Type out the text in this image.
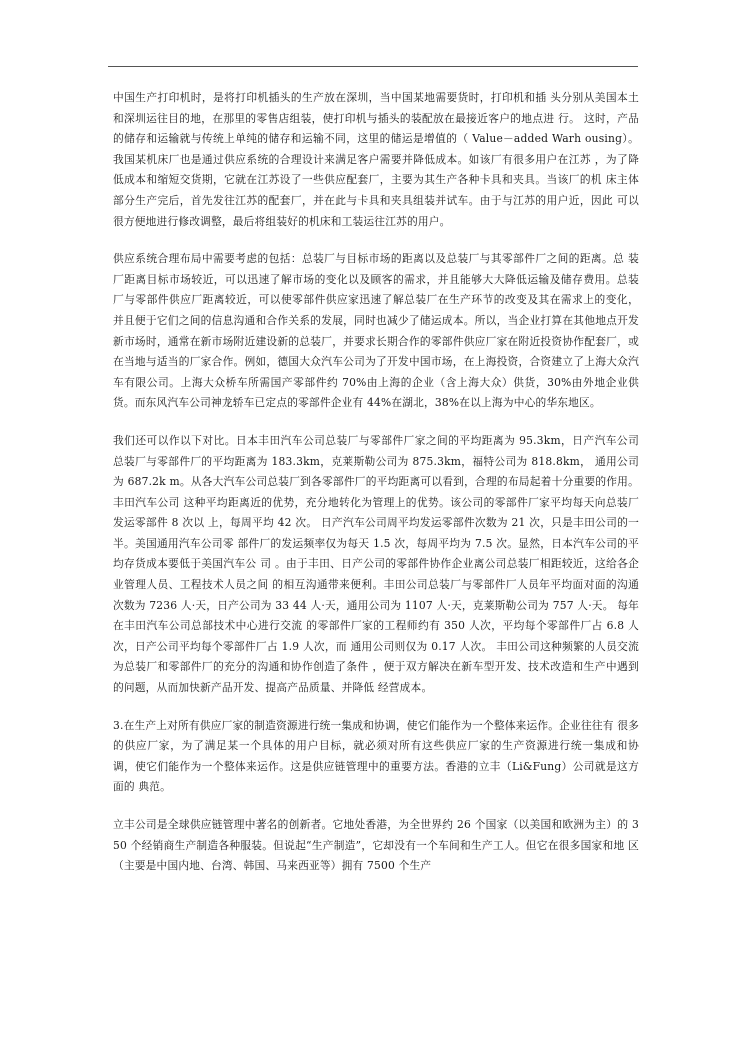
中国生产打印机时，是将打印机插头的生产放在深圳，当中国某地需要货时，打印机和插 头分别从美国本土和深圳运往目的地，在那里的零售店组装，使打印机与插头的装配放在最接近客户的地点进 行。 这时，产品的储存和运输就与传统上单纯的储存和运输不同，这里的储运是增值的（ Value－added Warh ousing）。我国某机床厂也是通过供应系统的合理设计来满足客户需要并降低成本。如该厂有很多用户在江苏 ，为了降低成本和缩短交货期，它就在江苏设了一些供应配套厂，主要为其生产各种卡具和夹具。当该厂的机 床主体部分生产完后，首先发往江苏的配套厂，并在此与卡具和夹具组装并试车。由于与江苏的用户近，因此 可以很方便地进行修改调整，最后将组装好的机床和工装运往江苏的用户。

供应系统合理布局中需要考虑的包括：总装厂与目标市场的距离以及总装厂与其零部件厂之间的距离。总 装厂距离目标市场较近，可以迅速了解市场的变化以及顾客的需求，并且能够大大降低运输及储存费用。总装 厂与零部件供应厂距离较近，可以使零部件供应家迅速了解总装厂在生产环节的改变及其在需求上的变化， 并且便于它们之间的信息沟通和合作关系的发展，同时也减少了储运成本。所以，当企业打算在其他地点开发 新市场时，通常在新市场附近建设新的总装厂，并要求长期合作的零部件供应厂家在附近投资协作配套厂，或 在当地与适当的厂家合作。例如，德国大众汽车公司为了开发中国市场，在上海投资，合资建立了上海大众汽 车有限公司。上海大众桥车所需国产零部件约 70%由上海的企业（含上海大众）供货，30%由外地企业供货。而东风汽车公司神龙轿车已定点的零部件企业有 44%在湖北，38%在以上海为中心的华东地区。

我们还可以作以下对比。日本丰田汽车公司总装厂与零部件厂家之间的平均距离为 95.3km，日产汽车公司 总装厂与零部件厂的平均距离为 183.3km，克莱斯勒公司为 875.3km，福特公司为 818.8km， 通用公司为 687.2k m。从各大汽车公司总装厂到各零部件厂的平均距离可以看到，合理的布局起着十分重要的作用。丰田汽车公司 这种平均距离近的优势，充分地转化为管理上的优势。该公司的零部件厂家平均每天向总装厂发运零部件 8 次以 上，每周平均 42 次。 日产汽车公司周平均发运零部件次数为 21 次，只是丰田公司的一半。美国通用汽车公司零 部件厂的发运频率仅为每天 1.5 次，每周平均为 7.5 次。显然，日本汽车公司的平均存货成本要低于美国汽车公 司 。由于丰田、日产公司的零部件协作企业离公司总装厂相距较近，这给各企业管理人员、工程技术人员之间 的相互沟通带来便利。丰田公司总装厂与零部件厂人员年平均面对面的沟通次数为 7236 人·天，日产公司为 33 44 人·天，通用公司为 1107 人·天，克莱斯勒公司为 757 人·天。 每年在丰田汽车公司总部技术中心进行交流 的零部件厂家的工程师约有 350 人次，平均每个零部件厂占 6.8 人次，日产公司平均每个零部件厂占 1.9 人次，而 通用公司则仅为 0.17 人次。 丰田公司这种频繁的人员交流为总装厂和零部件厂的充分的沟通和协作创造了条件 ，便于双方解决在新车型开发、技术改造和生产中遇到的问题，从而加快新产品开发、提高产品质量、并降低 经营成本。

3.在生产上对所有供应厂家的制造资源进行统一集成和协调，使它们能作为一个整体来运作。企业往往有 很多的供应厂家，为了满足某一个具体的用户目标，就必须对所有这些供应厂家的生产资源进行统一集成和协 调，使它们能作为一个整体来运作。这是供应链管理中的重要方法。香港的立丰（Li&Fung）公司就是这方面的 典范。

立丰公司是全球供应链管理中著名的创新者。它地处香港，为全世界约 26 个国家（以美国和欧洲为主）的 350 个经销商生产制造各种服装。但说起“生产制造”，它却没有一个车间和生产工人。但它在很多国家和地 区（主要是中国内地、台湾、韩国、马来西亚等）拥有 7500 个生产
